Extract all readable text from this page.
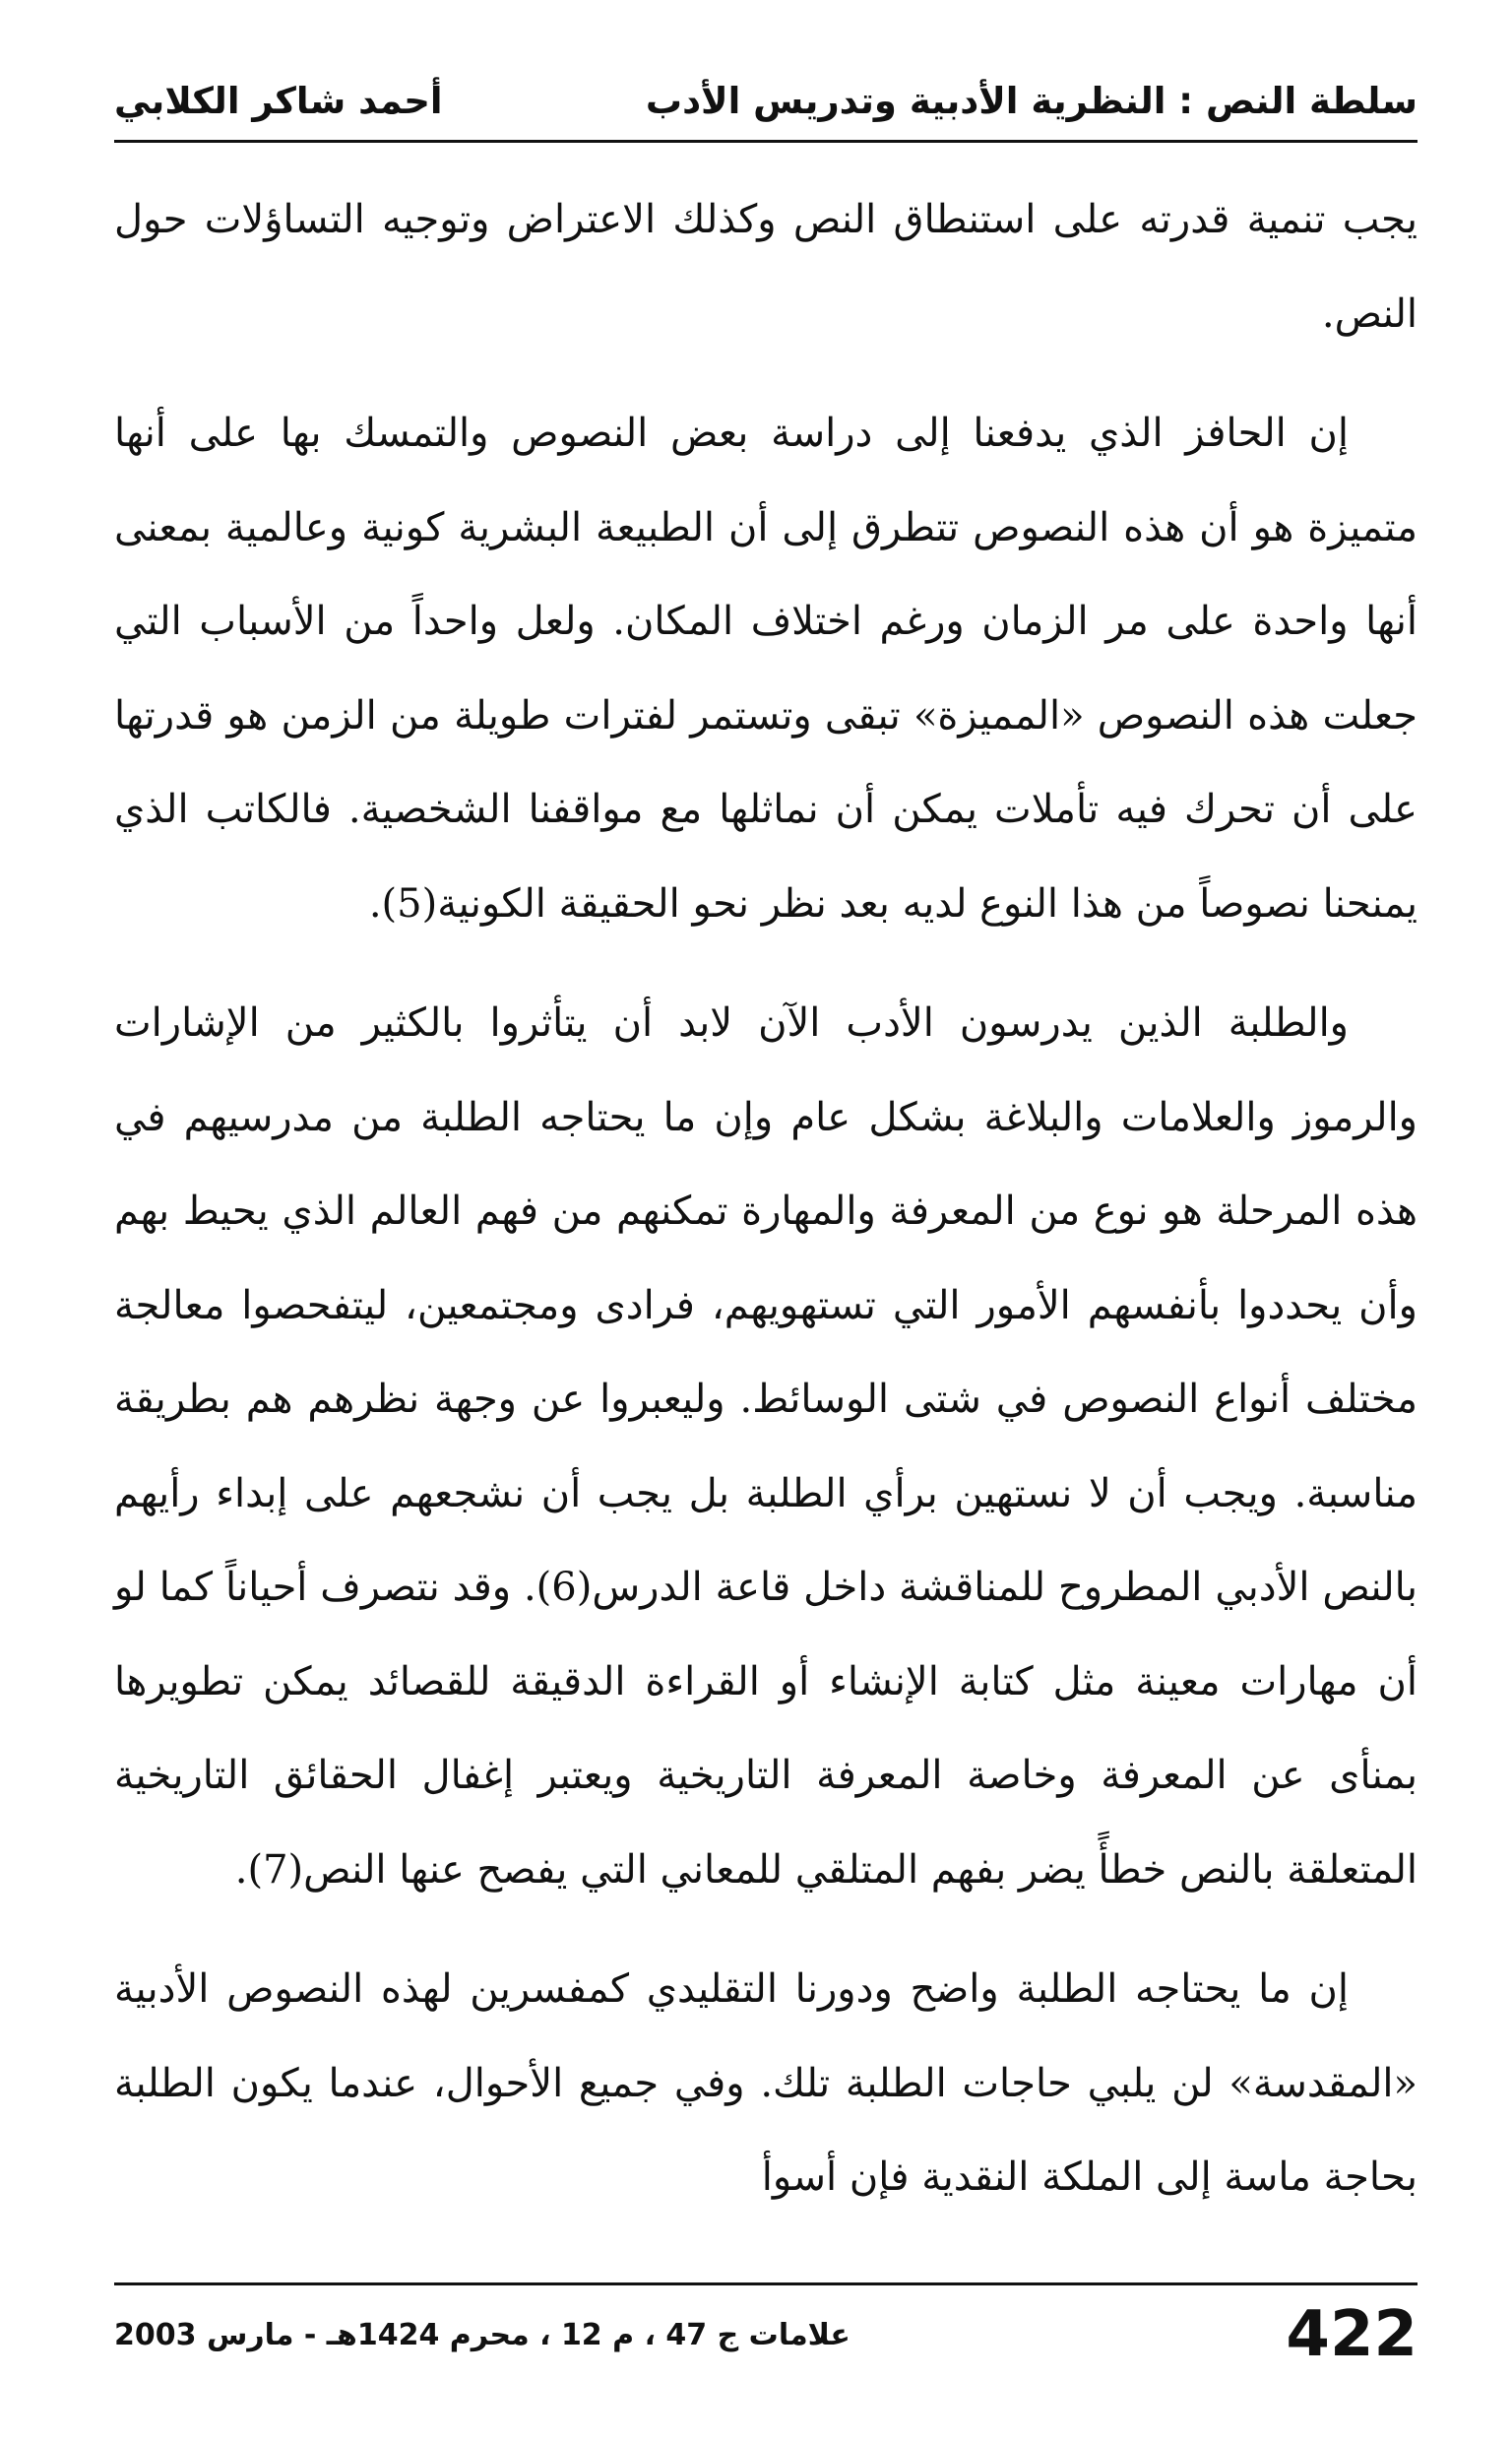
سلطة النص : النظرية الأدبية وتدريس الأدب
أحمد شاكر الكلابي

يجب تنمية قدرته على استنطاق النص وكذلك الاعتراض وتوجيه التساؤلات حول النص.

إن الحافز الذي يدفعنا إلى دراسة بعض النصوص والتمسك بها على أنها متميزة هو أن هذه النصوص تتطرق إلى أن الطبيعة البشرية كونية وعالمية بمعنى أنها واحدة على مر الزمان ورغم اختلاف المكان. ولعل واحداً من الأسباب التي جعلت هذه النصوص «المميزة» تبقى وتستمر لفترات طويلة من الزمن هو قدرتها على أن تحرك فيه تأملات يمكن أن نماثلها مع مواقفنا الشخصية. فالكاتب الذي يمنحنا نصوصاً من هذا النوع لديه بعد نظر نحو الحقيقة الكونية(5).

والطلبة الذين يدرسون الأدب الآن لابد أن يتأثروا بالكثير من الإشارات والرموز والعلامات والبلاغة بشكل عام وإن ما يحتاجه الطلبة من مدرسيهم في هذه المرحلة هو نوع من المعرفة والمهارة تمكنهم من فهم العالم الذي يحيط بهم وأن يحددوا بأنفسهم الأمور التي تستهويهم، فرادى ومجتمعين، ليتفحصوا معالجة مختلف أنواع النصوص في شتى الوسائط. وليعبروا عن وجهة نظرهم هم بطريقة مناسبة. ويجب أن لا نستهين برأي الطلبة بل يجب أن نشجعهم على إبداء رأيهم بالنص الأدبي المطروح للمناقشة داخل قاعة الدرس(6). وقد نتصرف أحياناً كما لو أن مهارات معينة مثل كتابة الإنشاء أو القراءة الدقيقة للقصائد يمكن تطويرها بمنأى عن المعرفة وخاصة المعرفة التاريخية ويعتبر إغفال الحقائق التاريخية المتعلقة بالنص خطأً يضر بفهم المتلقي للمعاني التي يفصح عنها النص(7).

إن ما يحتاجه الطلبة واضح ودورنا التقليدي كمفسرين لهذه النصوص الأدبية «المقدسة» لن يلبي حاجات الطلبة تلك. وفي جميع الأحوال، عندما يكون الطلبة بحاجة ماسة إلى الملكة النقدية فإن أسوأ

422
علامات ج 47 ، م 12 ، محرم 1424هـ - مارس 2003
